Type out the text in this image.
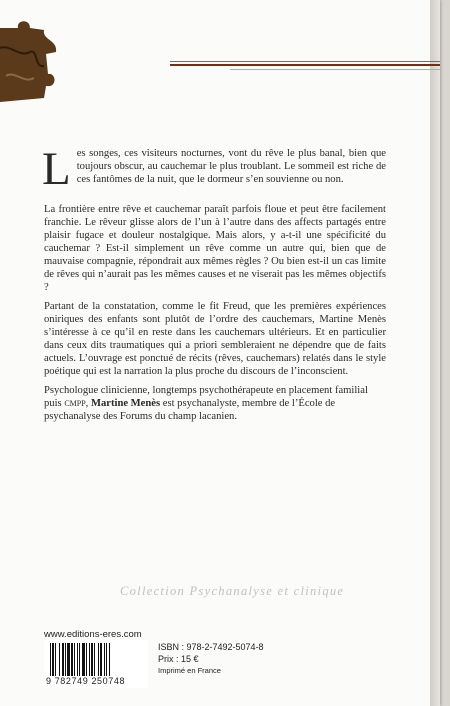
Les songes, ces visiteurs nocturnes, vont du rêve le plus banal, bien que toujours obscur, au cauchemar le plus troublant. Le sommeil est riche de ces fantômes de la nuit, que le dormeur s’en souvienne ou non.

La frontière entre rêve et cauchemar paraît parfois floue et peut être facilement franchie. Le rêveur glisse alors de l’un à l’autre dans des affects partagés entre plaisir fugace et douleur nostalgique. Mais alors, y a-t-il une spécificité du cauchemar ? Est-il simplement un rêve comme un autre qui, bien que de mauvaise compagnie, répondrait aux mêmes règles ? Ou bien est-il un cas limite de rêves qui n’aurait pas les mêmes causes et ne viserait pas les mêmes objectifs ?

Partant de la constatation, comme le fit Freud, que les premières expériences oniriques des enfants sont plutôt de l’ordre des cauchemars, Martine Menès s’intéresse à ce qu’il en reste dans les cauchemars ultérieurs. Et en particulier dans ceux dits traumatiques qui a priori sembleraient ne dépendre que de faits actuels. L’ouvrage est ponctué de récits (rêves, cauchemars) relatés dans le style poétique qui est la narration la plus proche du discours de l’inconscient.

Psychologue clinicienne, longtemps psychothérapeute en placement familial puis CMPP, Martine Menès est psychanalyste, membre de l’École de psychanalyse des Forums du champ lacanien.

Collection Psychanalyse et clinique

www.editions-eres.com

9 782749 250748

ISBN : 978-2-7492-5074-8

Prix : 15 €

Imprimé en France
